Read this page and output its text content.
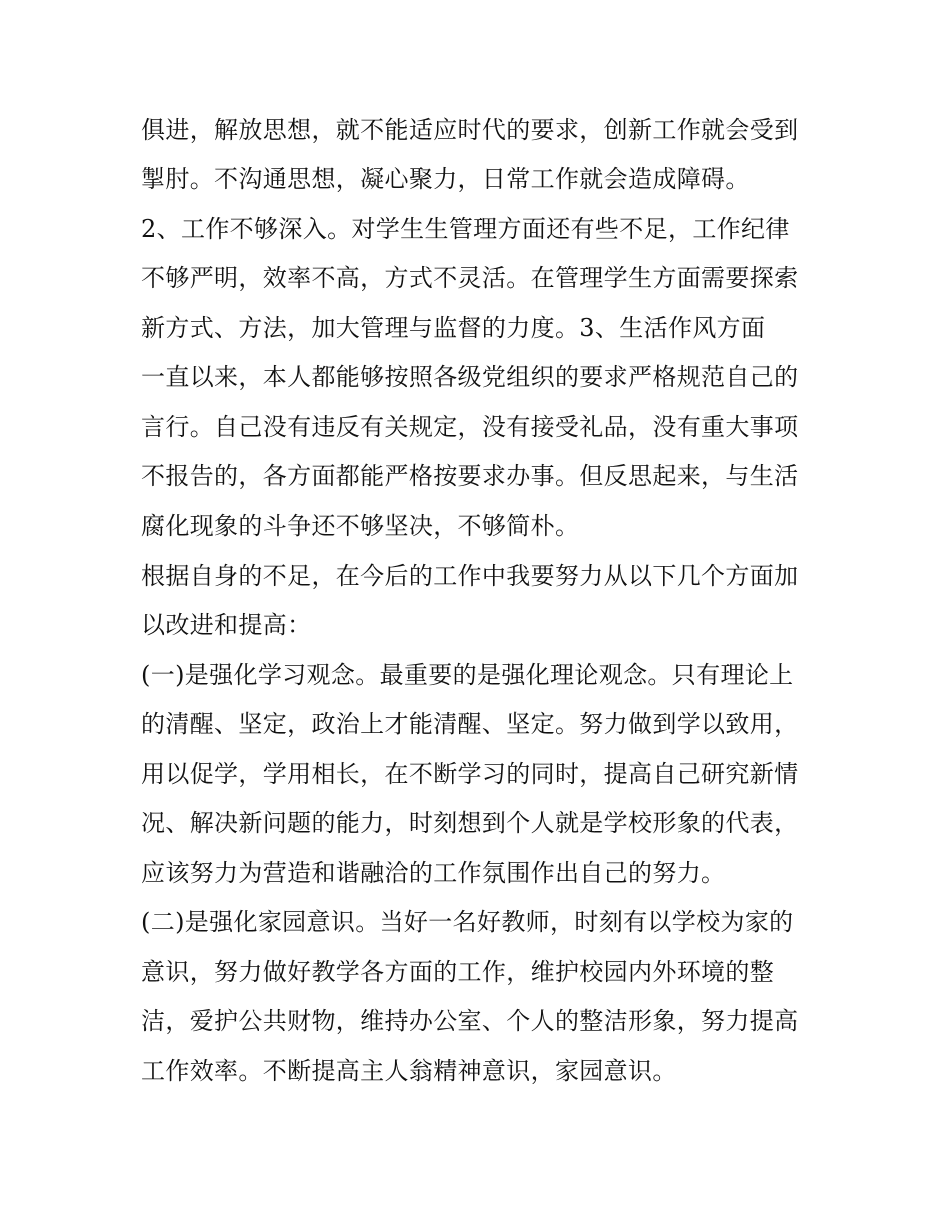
俱进，解放思想，就不能适应时代的要求，创新工作就会受到
掣肘。不沟通思想，凝心聚力，日常工作就会造成障碍。
2、工作不够深入。对学生生管理方面还有些不足，工作纪律
不够严明，效率不高，方式不灵活。在管理学生方面需要探索
新方式、方法，加大管理与监督的力度。3、生活作风方面
一直以来，本人都能够按照各级党组织的要求严格规范自己的
言行。自己没有违反有关规定，没有接受礼品，没有重大事项
不报告的，各方面都能严格按要求办事。但反思起来，与生活
腐化现象的斗争还不够坚决，不够简朴。
根据自身的不足，在今后的工作中我要努力从以下几个方面加
以改进和提高：
(一)是强化学习观念。最重要的是强化理论观念。只有理论上
的清醒、坚定，政治上才能清醒、坚定。努力做到学以致用，
用以促学，学用相长，在不断学习的同时，提高自己研究新情
况、解决新问题的能力，时刻想到个人就是学校形象的代表，
应该努力为营造和谐融洽的工作氛围作出自己的努力。
(二)是强化家园意识。当好一名好教师，时刻有以学校为家的
意识，努力做好教学各方面的工作，维护校园内外环境的整
洁，爱护公共财物，维持办公室、个人的整洁形象，努力提高
工作效率。不断提高主人翁精神意识，家园意识。
